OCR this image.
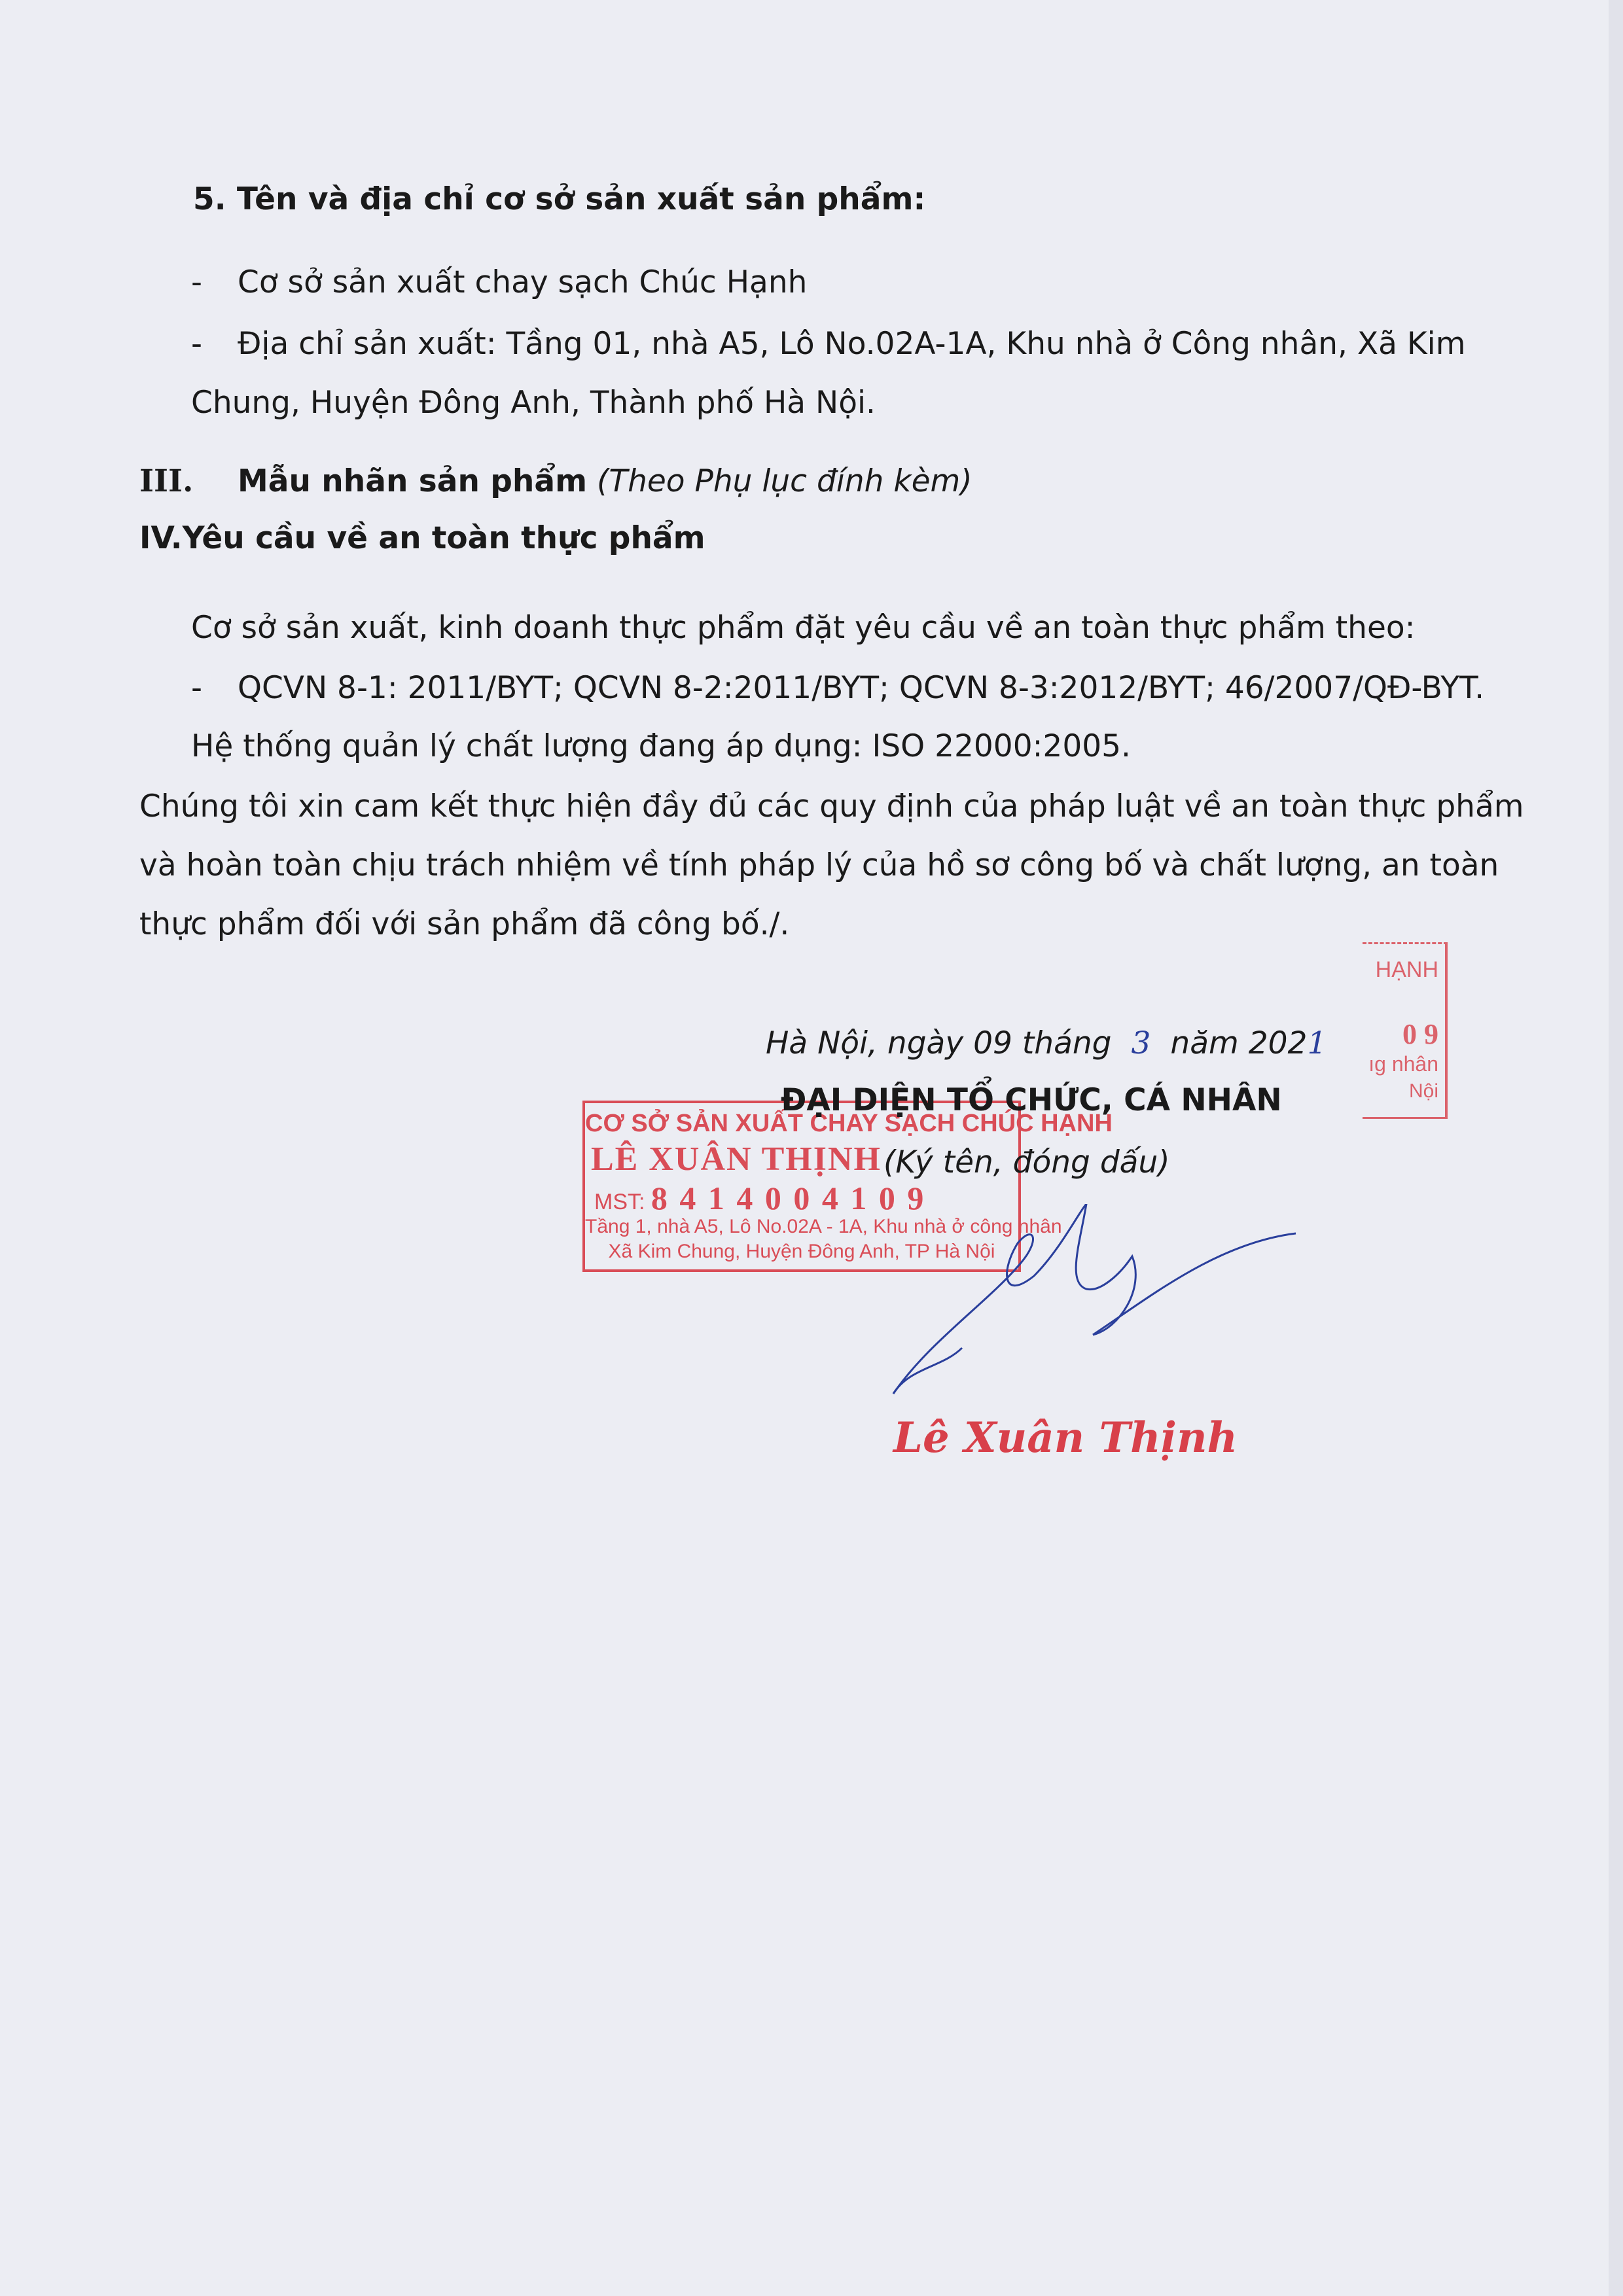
5. Tên và địa chỉ cơ sở sản xuất sản phẩm:
- Cơ sở sản xuất chay sạch Chúc Hạnh
- Địa chỉ sản xuất: Tầng 01, nhà A5, Lô No.02A-1A, Khu nhà ở Công nhân, Xã Kim
Chung, Huyện Đông Anh, Thành phố Hà Nội.
III. Mẫu nhãn sản phẩm (Theo Phụ lục đính kèm)
IV.Yêu cầu về an toàn thực phẩm
Cơ sở sản xuất, kinh doanh thực phẩm đặt yêu cầu về an toàn thực phẩm theo:
- QCVN 8-1: 2011/BYT; QCVN 8-2:2011/BYT; QCVN 8-3:2012/BYT; 46/2007/QĐ-BYT.
Hệ thống quản lý chất lượng đang áp dụng: ISO 22000:2005.
Chúng tôi xin cam kết thực hiện đầy đủ các quy định của pháp luật về an toàn thực phẩm
và hoàn toàn chịu trách nhiệm về tính pháp lý của hồ sơ công bố và chất lượng, an toàn
thực phẩm đối với sản phẩm đã công bố./.
HẠNH
0 9
ıg nhân
Nội
Hà Nội, ngày 09 tháng 3 năm 2021
CƠ SỞ SẢN XUẤT CHAY SẠCH CHÚC HẠNH
LÊ XUÂN THỊNH
MST: 8 4 1 4 0 0 4 1 0 9
Tầng 1, nhà A5, Lô No.02A - 1A, Khu nhà ở công nhân
Xã Kim Chung, Huyện Đông Anh, TP Hà Nội
ĐẠI DIỆN TỔ CHỨC, CÁ NHÂN
(Ký tên, đóng dấu)
Lê Xuân Thịnh
